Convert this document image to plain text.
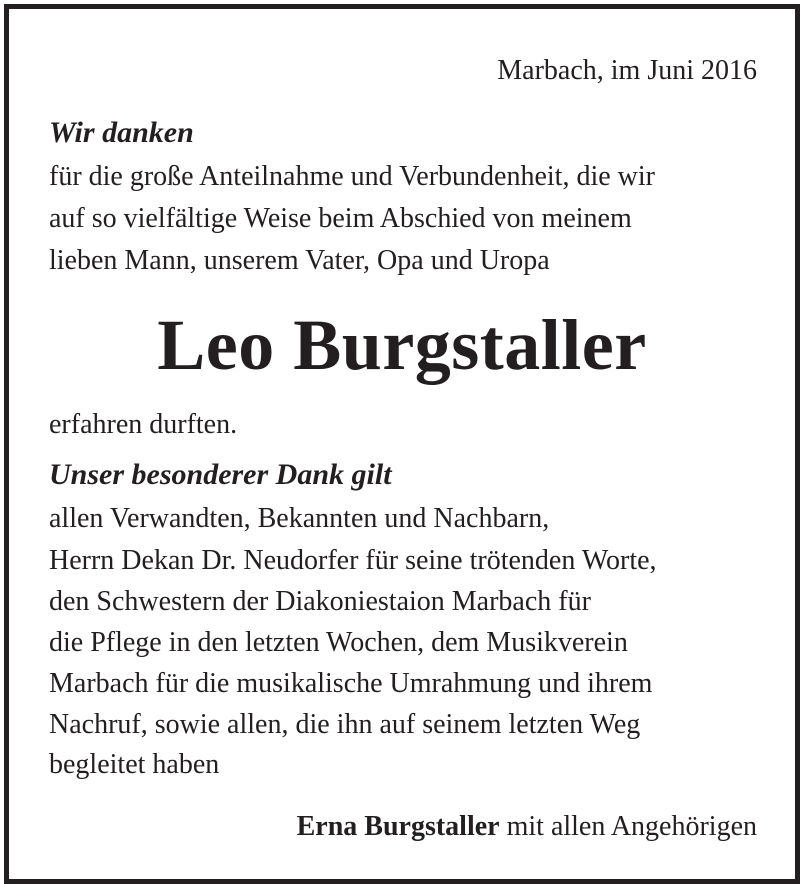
Marbach, im Juni 2016
Wir danken
für die große Anteilnahme und Verbundenheit, die wir
auf so vielfältige Weise beim Abschied von meinem
lieben Mann, unserem Vater, Opa und Uropa
Leo Burgstaller
erfahren durften.
Unser besonderer Dank gilt
allen Verwandten, Bekannten und Nachbarn,
Herrn Dekan Dr. Neudorfer für seine trötenden Worte,
den Schwestern der Diakoniestaion Marbach für
die Pflege in den letzten Wochen, dem Musikverein
Marbach für die musikalische Umrahmung und ihrem
Nachruf, sowie allen, die ihn auf seinem letzten Weg
begleitet haben
Erna Burgstaller mit allen Angehörigen
